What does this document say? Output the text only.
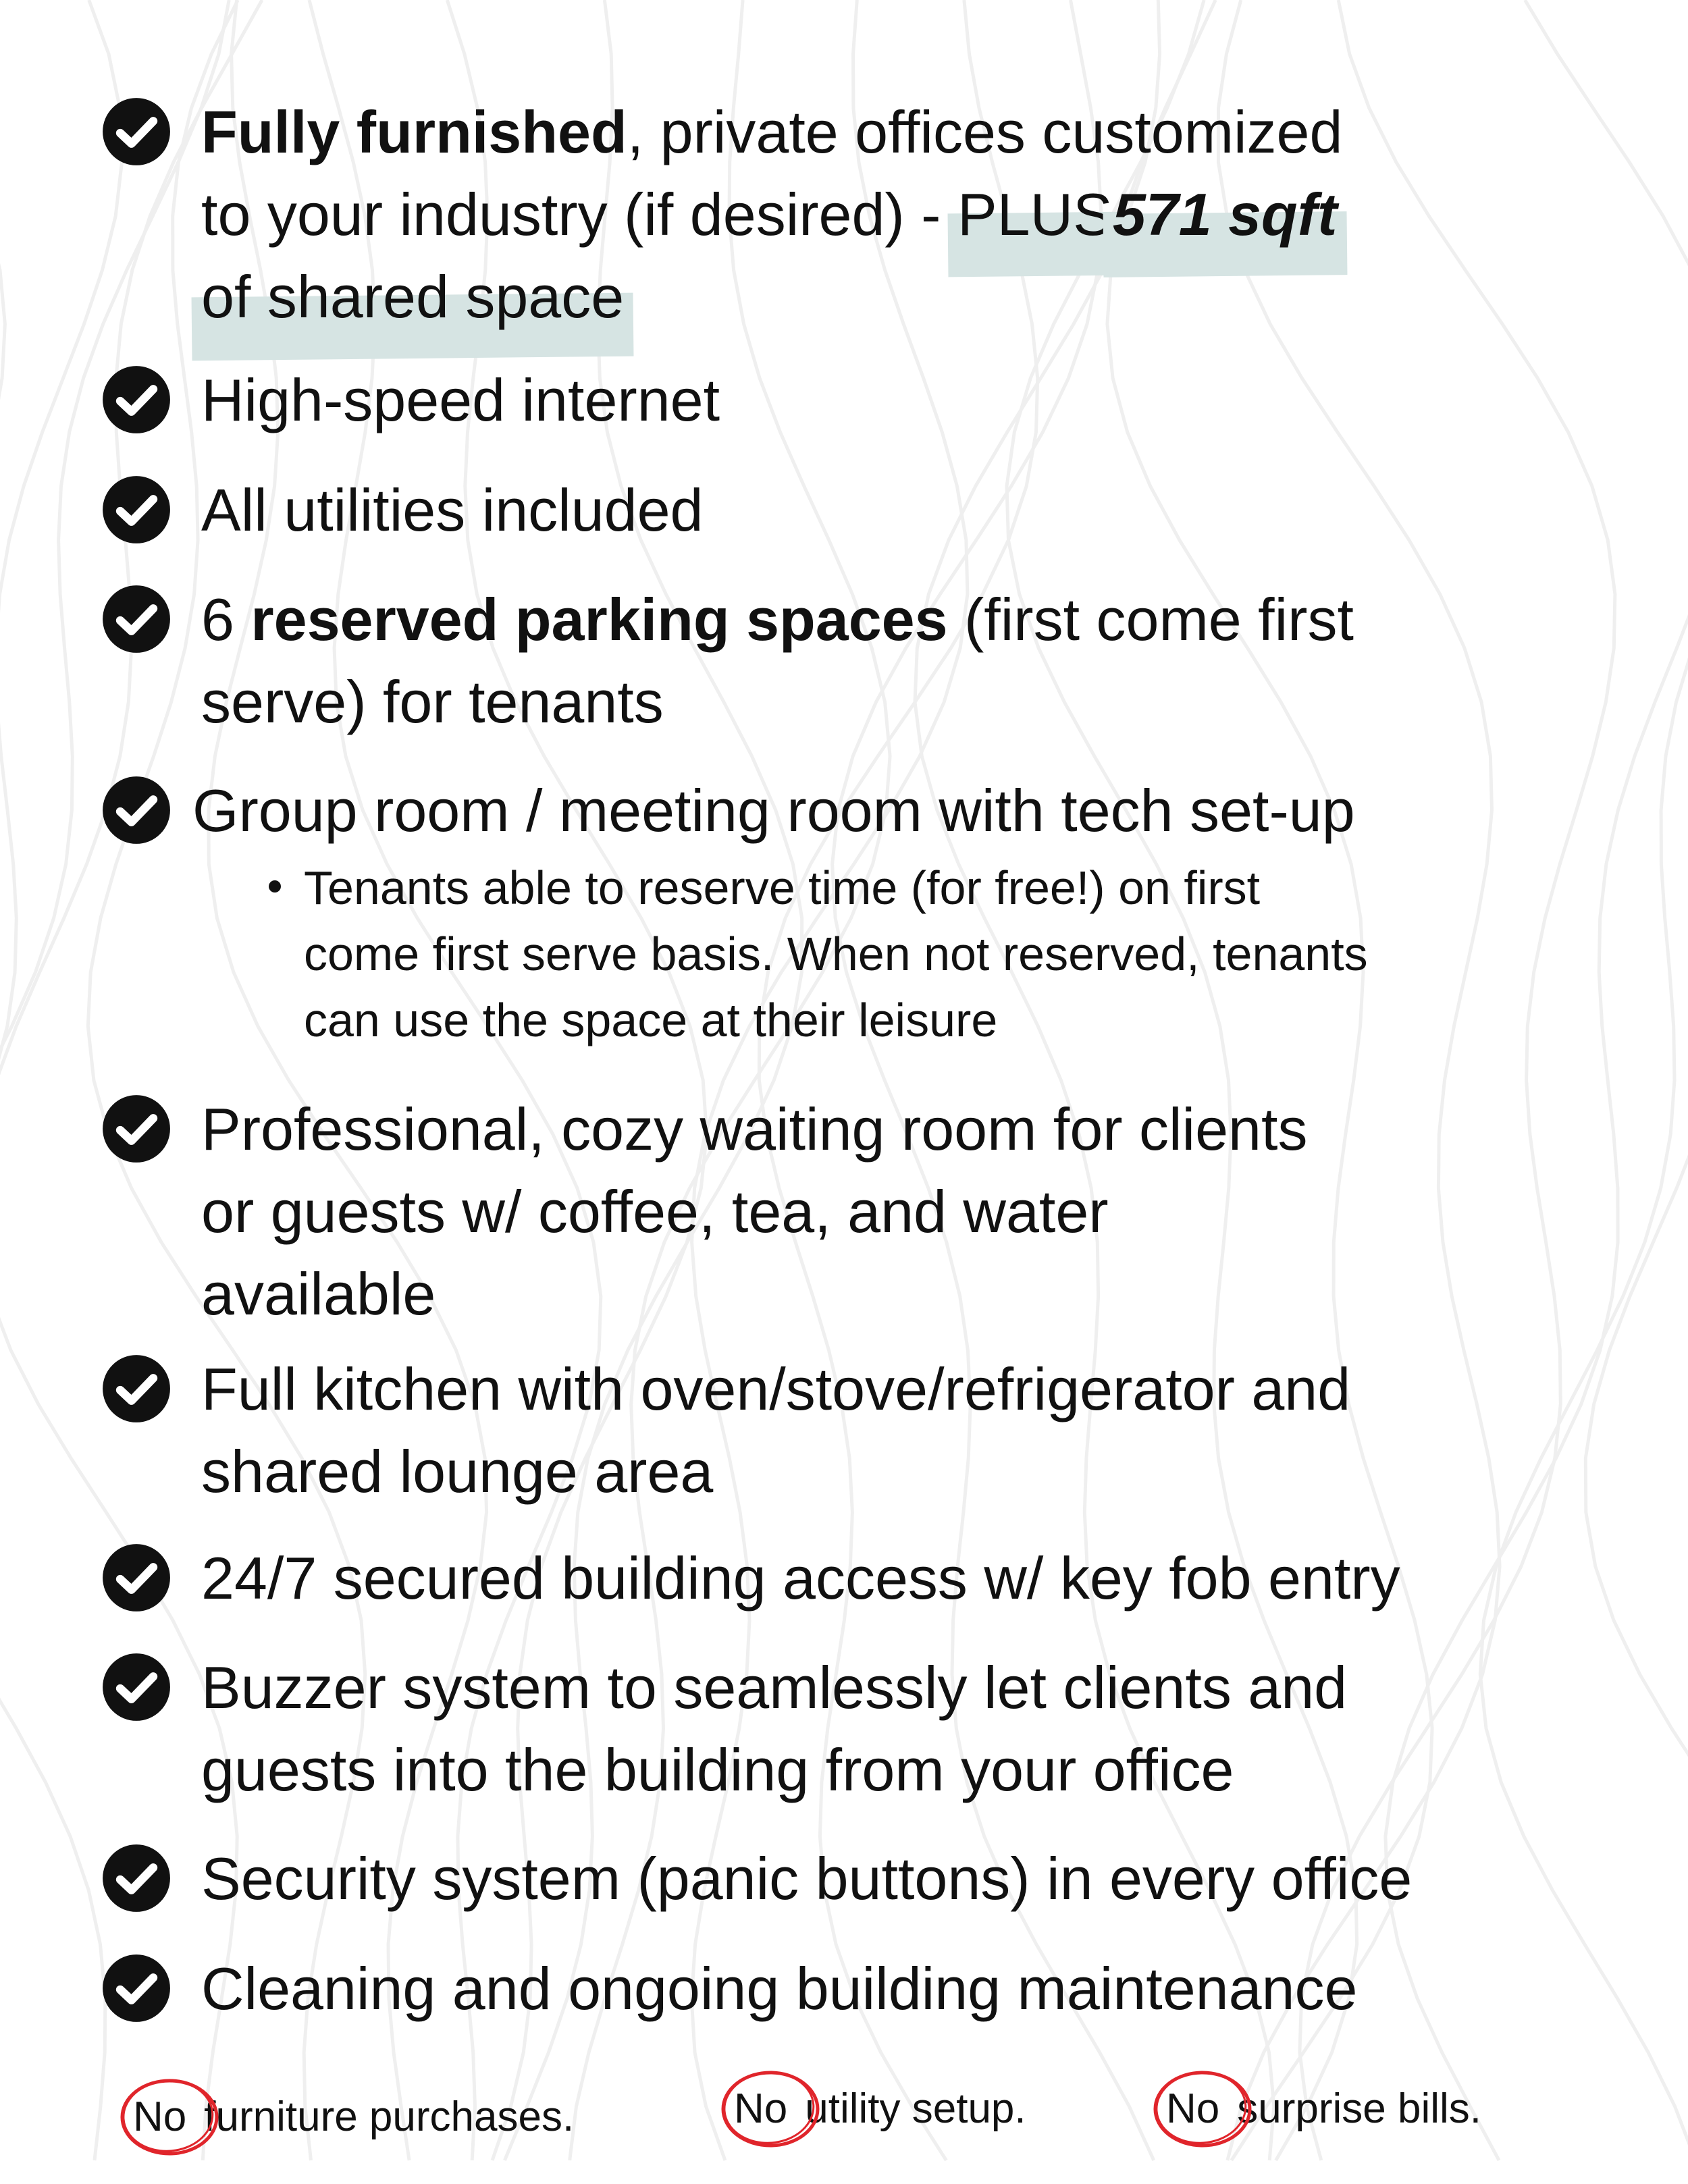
Fully furnished, private offices customized
to your industry (if desired) - PLUS571 sqft
of shared space
High-speed internet
All utilities included
6 reserved parking spaces (first come first
serve) for tenants
Group room / meeting room with tech set-up
Tenants able to reserve time (for free!) on first
come first serve basis. When not reserved, tenants
can use the space at their leisure
Professional, cozy waiting room for clients
or guests w/ coffee, tea, and water
available
Full kitchen with oven/stove/refrigerator and
shared lounge area
24/7 secured building access w/ key fob entry
Buzzer system to seamlessly let clients and
guests into the building from your office
Security system (panic buttons) in every office
Cleaning and ongoing building maintenance
No furniture purchases.	No utility setup.	No surprise bills.
